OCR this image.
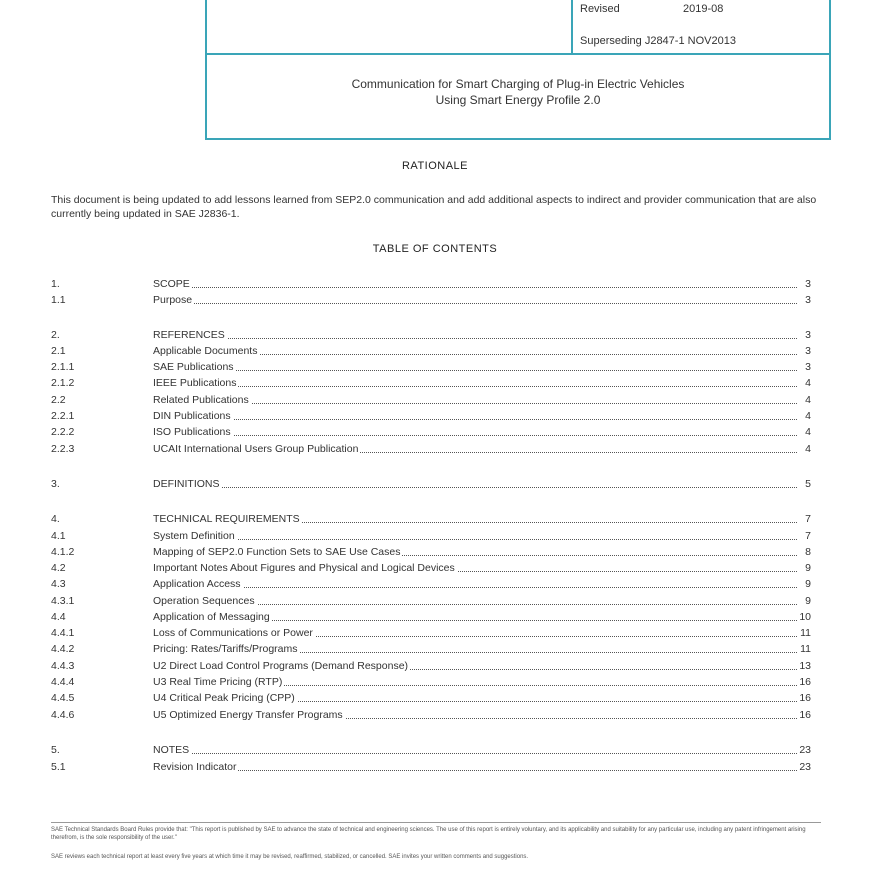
Revised	2019-08
Superseding J2847-1 NOV2013
Communication for Smart Charging of Plug-in Electric Vehicles
Using Smart Energy Profile 2.0
RATIONALE
This document is being updated to add lessons learned from SEP2.0 communication and add additional aspects to indirect and provider communication that are also currently being updated in SAE J2836-1.
TABLE OF CONTENTS
1.	SCOPE	3
1.1	Purpose	3
2.	REFERENCES	3
2.1	Applicable Documents	3
2.1.1	SAE Publications	3
2.1.2	IEEE Publications	4
2.2	Related Publications	4
2.2.1	DIN Publications	4
2.2.2	ISO Publications	4
2.2.3	UCAIt International Users Group Publication	4
3.	DEFINITIONS	5
4.	TECHNICAL REQUIREMENTS	7
4.1	System Definition	7
4.1.2	Mapping of SEP2.0 Function Sets to SAE Use Cases	8
4.2	Important Notes About Figures and Physical and Logical Devices	9
4.3	Application Access	9
4.3.1	Operation Sequences	9
4.4	Application of Messaging	10
4.4.1	Loss of Communications or Power	11
4.4.2	Pricing: Rates/Tariffs/Programs	11
4.4.3	U2 Direct Load Control Programs (Demand Response)	13
4.4.4	U3 Real Time Pricing (RTP)	16
4.4.5	U4 Critical Peak Pricing (CPP)	16
4.4.6	U5 Optimized Energy Transfer Programs	16
5.	NOTES	23
5.1	Revision Indicator	23
SAE Technical Standards Board Rules provide that: "This report is published by SAE to advance the state of technical and engineering sciences. The use of this report is entirely voluntary, and its applicability and suitability for any particular use, including any patent infringement arising therefrom, is the sole responsibility of the user."
SAE reviews each technical report at least every five years at which time it may be revised, reaffirmed, stabilized, or cancelled. SAE invites your written comments and suggestions.
